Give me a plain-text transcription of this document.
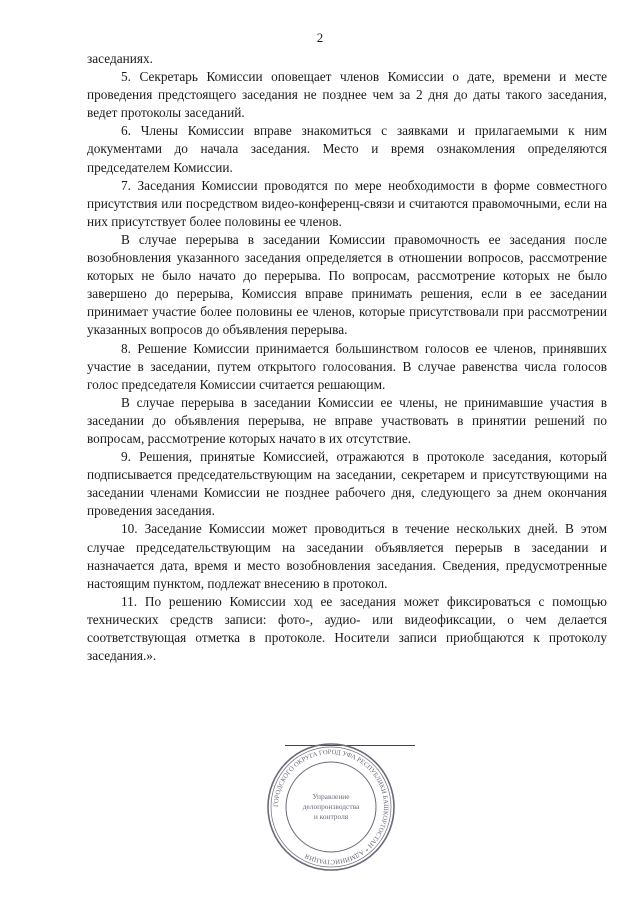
2

заседаниях.

5. Секретарь Комиссии оповещает членов Комиссии о дате, времени и месте проведения предстоящего заседания не позднее чем за 2 дня до даты такого заседания, ведет протоколы заседаний.

6. Члены Комиссии вправе знакомиться с заявками и прилагаемыми к ним документами до начала заседания. Место и время ознакомления определяются председателем Комиссии.

7. Заседания Комиссии проводятся по мере необходимости в форме совместного присутствия или посредством видео-конференц-связи и считаются правомочными, если на них присутствует более половины ее членов.

В случае перерыва в заседании Комиссии правомочность ее заседания после возобновления указанного заседания определяется в отношении вопросов, рассмотрение которых не было начато до перерыва. По вопросам, рассмотрение которых не было завершено до перерыва, Комиссия вправе принимать решения, если в ее заседании принимает участие более половины ее членов, которые присутствовали при рассмотрении указанных вопросов до объявления перерыва.

8. Решение Комиссии принимается большинством голосов ее членов, принявших участие в заседании, путем открытого голосования. В случае равенства числа голосов голос председателя Комиссии считается решающим.

В случае перерыва в заседании Комиссии ее члены, не принимавшие участия в заседании до объявления перерыва, не вправе участвовать в принятии решений по вопросам, рассмотрение которых начато в их отсутствие.

9. Решения, принятые Комиссией, отражаются в протоколе заседания, который подписывается председательствующим на заседании, секретарем и присутствующими на заседании членами Комиссии не позднее рабочего дня, следующего за днем окончания проведения заседания.

10. Заседание Комиссии может проводиться в течение нескольких дней. В этом случае председательствующим на заседании объявляется перерыв в заседании и назначается дата, время и место возобновления заседания. Сведения, предусмотренные настоящим пунктом, подлежат внесению в протокол.

11. По решению Комиссии ход ее заседания может фиксироваться с помощью технических средств записи: фото-, аудио- или видеофиксации, о чем делается соответствующая отметка в протоколе. Носители записи приобщаются к протоколу заседания.».

ГОРОДСКОГО ОКРУГА ГОРОД УФА РЕСПУБЛИКИ БАШКОРТОСТАН * АДМИНИСТРАЦИЯ
Управление
делопроизводства
и контроля
